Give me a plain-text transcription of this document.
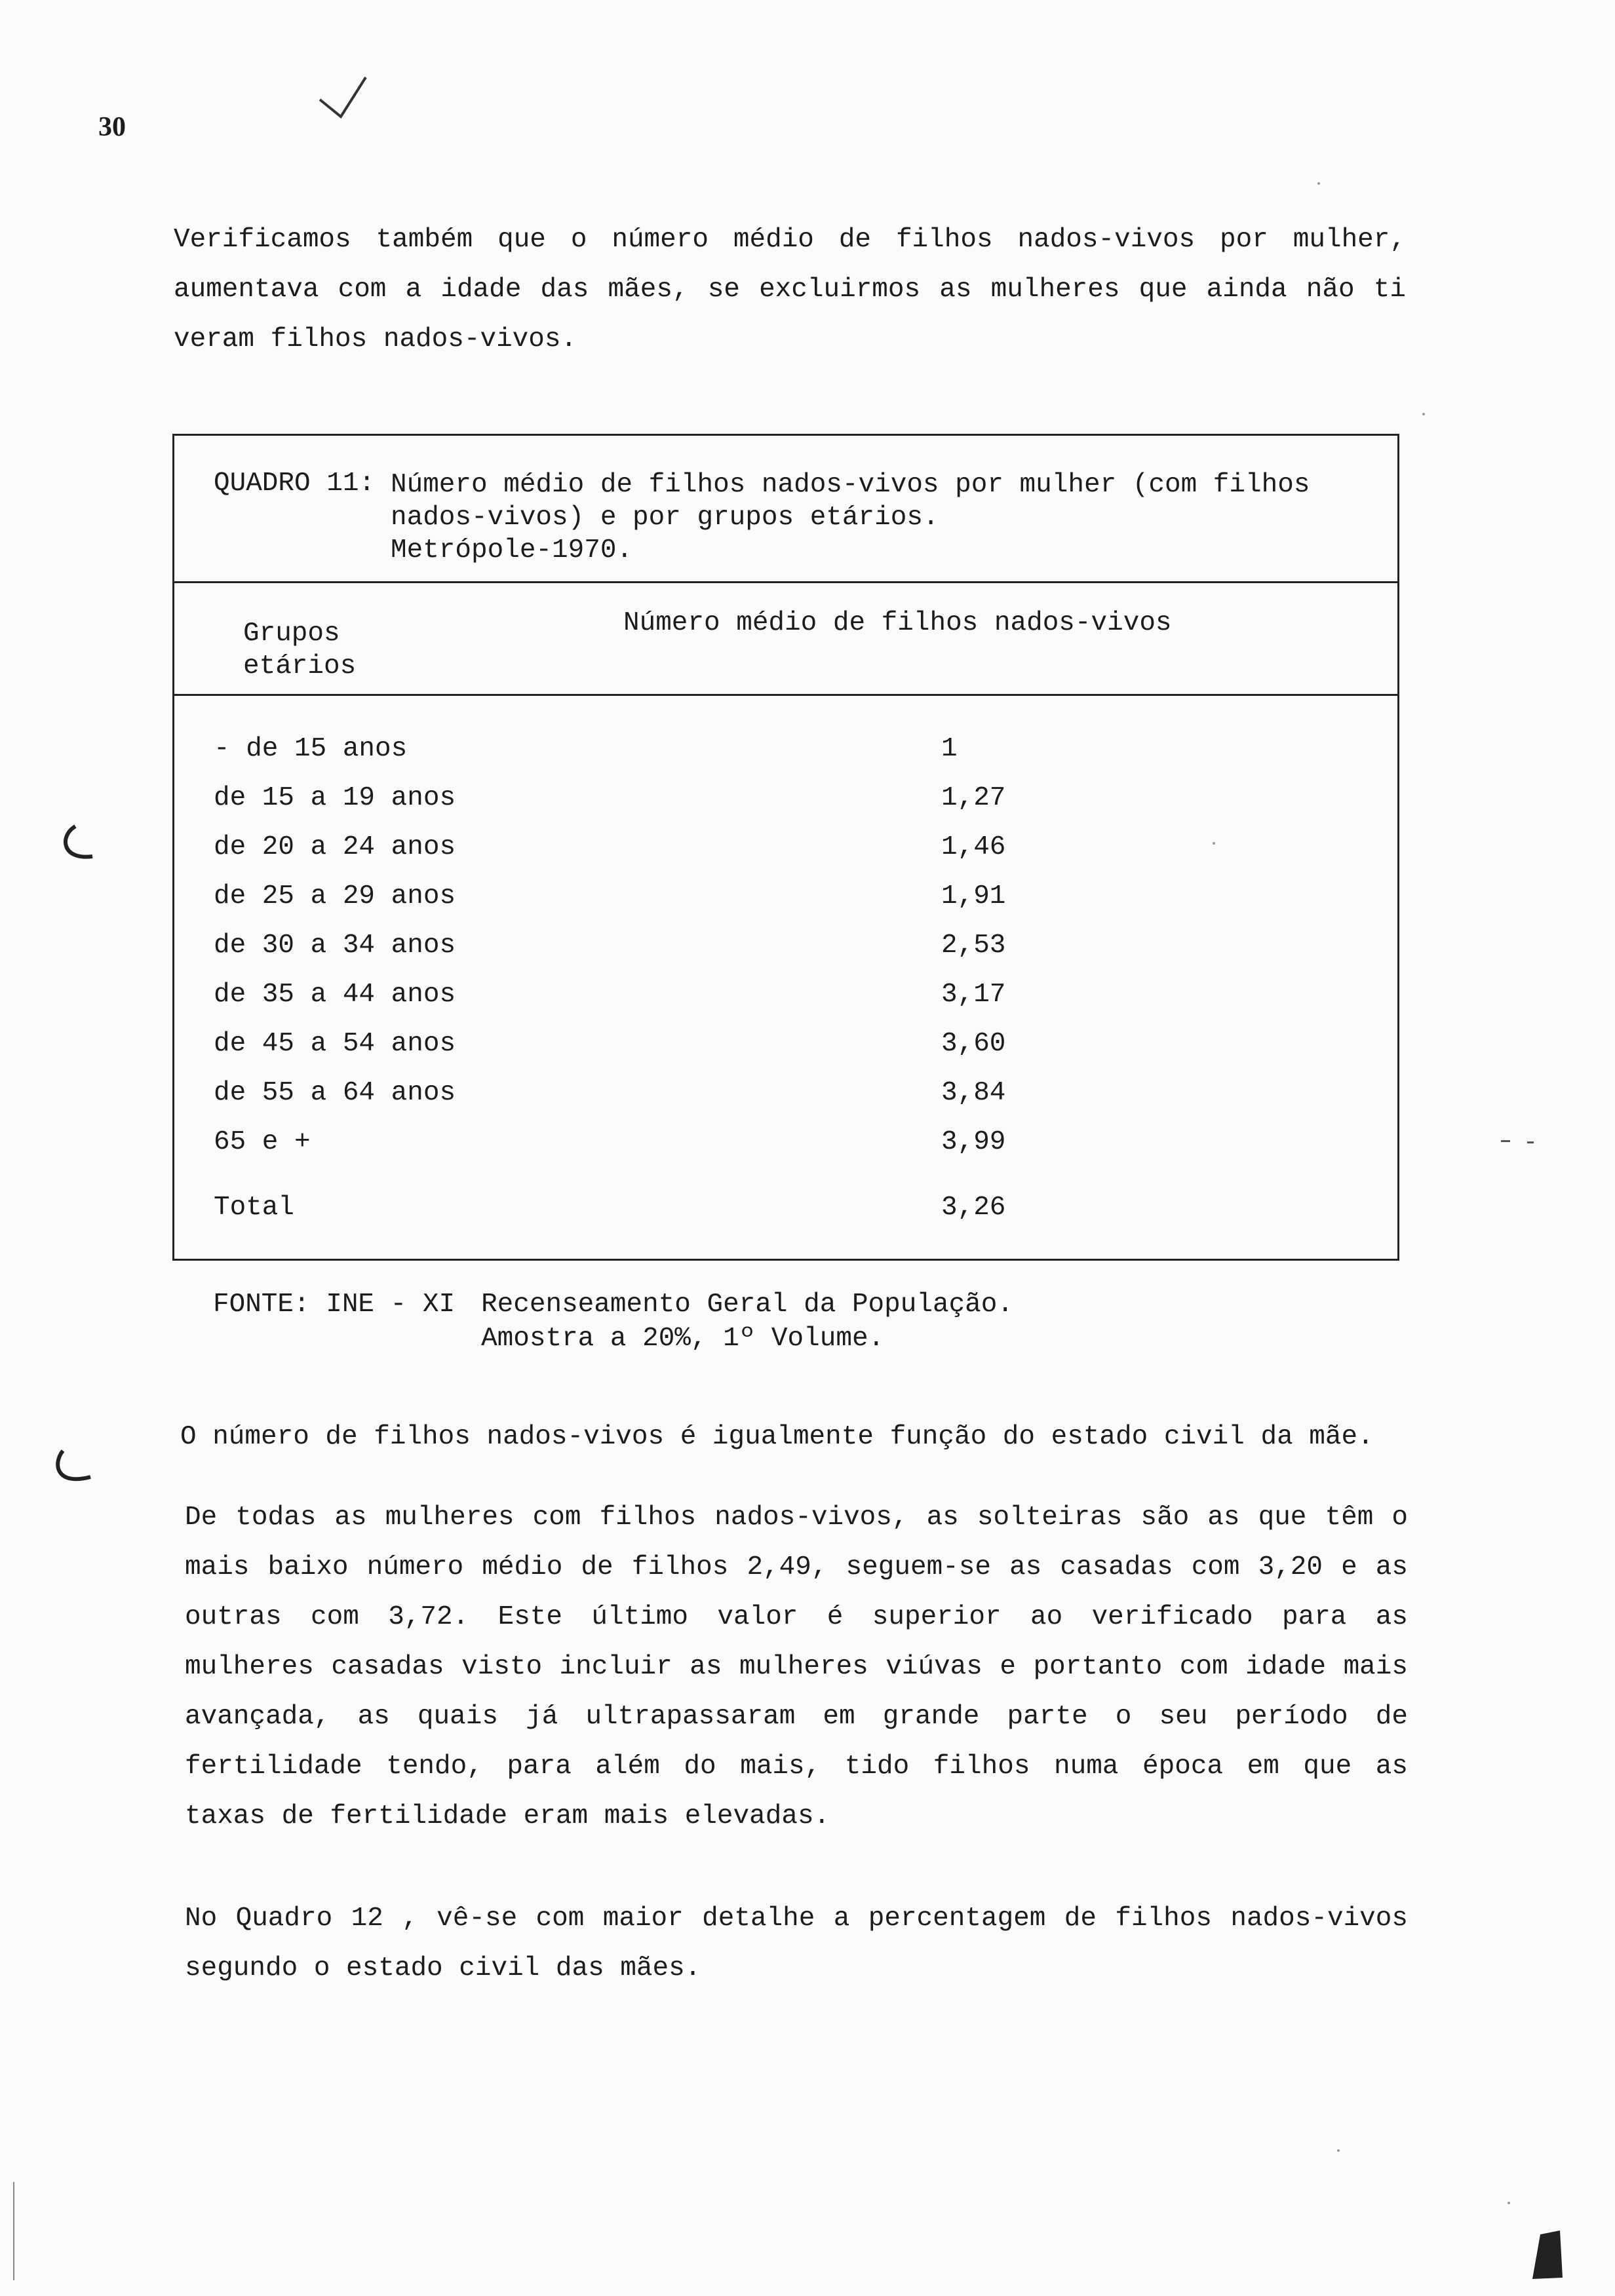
30

Verificamos também que o número médio de filhos nados-vivos por mulher, aumentava com a idade das mães, se excluirmos as mulheres que ainda não ti veram filhos nados-vivos.

QUADRO 11: Número médio de filhos nados-vivos por mulher (com filhos
nados-vivos) e por grupos etários.
Metrópole-1970.
Grupos
etários
Número médio de filhos nados-vivos
- de 15 anos	1
de 15 a 19 anos	1,27
de 20 a 24 anos	1,46
de 25 a 29 anos	1,91
de 30 a 34 anos	2,53
de 35 a 44 anos	3,17
de 45 a 54 anos	3,60
de 55 a 64 anos	3,84
65 e +	3,99
Total	3,26
FONTE: INE - XI	Recenseamento Geral da População.
Amostra a 20%, 1º Volume.

O número de filhos nados-vivos é igualmente função do estado civil da mãe.

De todas as mulheres com filhos nados-vivos, as solteiras são as que têm o mais baixo número médio de filhos 2,49, seguem-se as casadas com 3,20 e as outras com 3,72. Este último valor é superior ao verificado para as mulheres casadas visto incluir as mulheres viúvas e portanto com idade mais avançada, as quais já ultrapassaram em grande parte o seu período de fertilidade tendo, para além do mais, tido filhos numa época em que as taxas de fertilidade eram mais elevadas.

No Quadro 12 , vê-se com maior detalhe a percentagem de filhos nados-vivos segundo o estado civil das mães.
